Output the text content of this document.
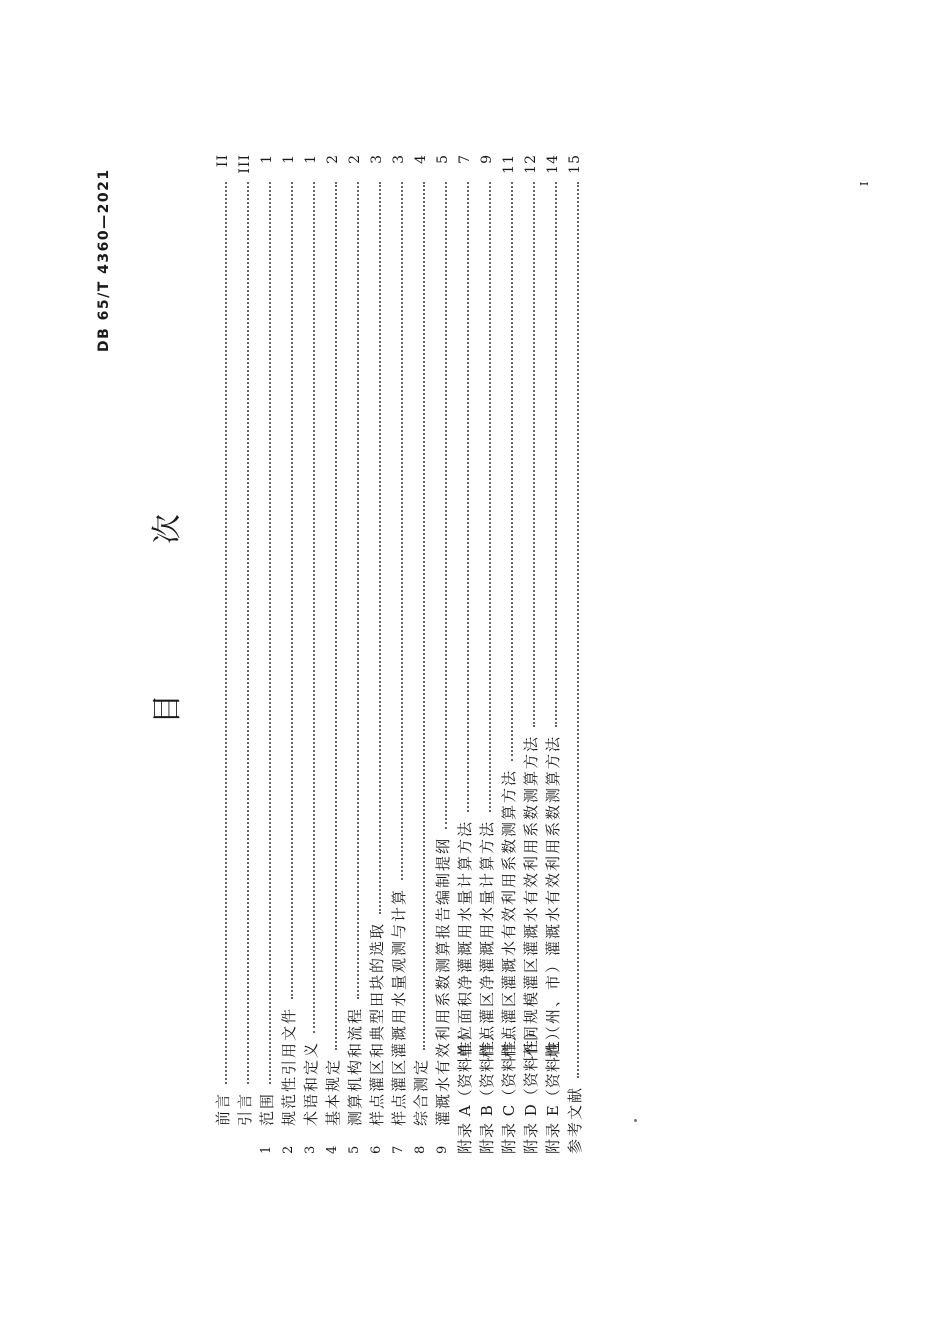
DB 65/T 4360—2021
目　次
前言
II
引言
III
1
范围
1
2
规范性引用文件
1
3
术语和定义
1
4
基本规定
2
5
测算机构和流程
2
6
样点灌区和典型田块的选取
3
7
样点灌区灌溉用水量观测与计算
3
8
综合测定
4
9
灌溉水有效利用系数测算报告编制提纲
5
附录 A（资料性）
单位面积净灌溉用水量计算方法
7
附录 B（资料性）
样点灌区净灌溉用水量计算方法
9
附录 C（资料性）
样点灌区灌溉水有效利用系数测算方法
11
附录 D（资料性）
不同规模灌区灌溉水有效利用系数测算方法
12
附录 E（资料性）
地（州、市）灌溉水有效利用系数测算方法
14
参考文献
15
I
